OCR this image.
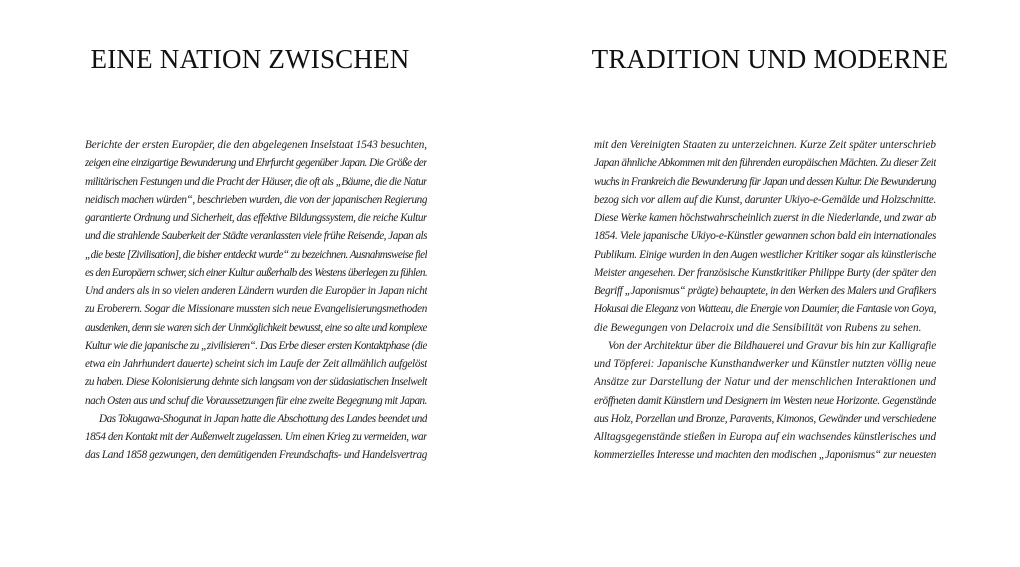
EINE NATION ZWISCHEN
Berichte der ersten Europäer, die den abgelegenen Inselstaat 1543 besuchten,
zeigen eine einzigartige Bewunderung und Ehrfurcht gegenüber Japan. Die Größe der
militärischen Festungen und die Pracht der Häuser, die oft als „Bäume, die die Natur
neidisch machen würden“, beschrieben wurden, die von der japanischen Regierung
garantierte Ordnung und Sicherheit, das effektive Bildungssystem, die reiche Kultur
und die strahlende Sauberkeit der Städte veranlassten viele frühe Reisende, Japan als
„die beste [Zivilisation], die bisher entdeckt wurde“ zu bezeichnen. Ausnahmsweise fiel
es den Europäern schwer, sich einer Kultur außerhalb des Westens überlegen zu fühlen.
Und anders als in so vielen anderen Ländern wurden die Europäer in Japan nicht
zu Eroberern. Sogar die Missionare mussten sich neue Evangelisierungsmethoden
ausdenken, denn sie waren sich der Unmöglichkeit bewusst, eine so alte und komplexe
Kultur wie die japanische zu „zivilisieren“. Das Erbe dieser ersten Kontaktphase (die
etwa ein Jahrhundert dauerte) scheint sich im Laufe der Zeit allmählich aufgelöst
zu haben. Diese Kolonisierung dehnte sich langsam von der südasiatischen Inselwelt
nach Osten aus und schuf die Voraussetzungen für eine zweite Begegnung mit Japan.
Das Tokugawa-Shogunat in Japan hatte die Abschottung des Landes beendet und
1854 den Kontakt mit der Außenwelt zugelassen. Um einen Krieg zu vermeiden, war
das Land 1858 gezwungen, den demütigenden Freundschafts- und Handelsvertrag
TRADITION UND MODERNE
mit den Vereinigten Staaten zu unterzeichnen. Kurze Zeit später unterschrieb
Japan ähnliche Abkommen mit den führenden europäischen Mächten. Zu dieser Zeit
wuchs in Frankreich die Bewunderung für Japan und dessen Kultur. Die Bewunderung
bezog sich vor allem auf die Kunst, darunter Ukiyo-e-Gemälde und Holzschnitte.
Diese Werke kamen höchstwahrscheinlich zuerst in die Niederlande, und zwar ab
1854. Viele japanische Ukiyo-e-Künstler gewannen schon bald ein internationales
Publikum. Einige wurden in den Augen westlicher Kritiker sogar als künstlerische
Meister angesehen. Der französische Kunstkritiker Philippe Burty (der später den
Begriff „Japonismus“ prägte) behauptete, in den Werken des Malers und Grafikers
Hokusai die Eleganz von Watteau, die Energie von Daumier, die Fantasie von Goya,
die Bewegungen von Delacroix und die Sensibilität von Rubens zu sehen.
Von der Architektur über die Bildhauerei und Gravur bis hin zur Kalligrafie
und Töpferei: Japanische Kunsthandwerker und Künstler nutzten völlig neue
Ansätze zur Darstellung der Natur und der menschlichen Interaktionen und
eröffneten damit Künstlern und Designern im Westen neue Horizonte. Gegenstände
aus Holz, Porzellan und Bronze, Paravents, Kimonos, Gewänder und verschiedene
Alltagsgegenstände stießen in Europa auf ein wachsendes künstlerisches und
kommerzielles Interesse und machten den modischen „Japonismus“ zur neuesten
